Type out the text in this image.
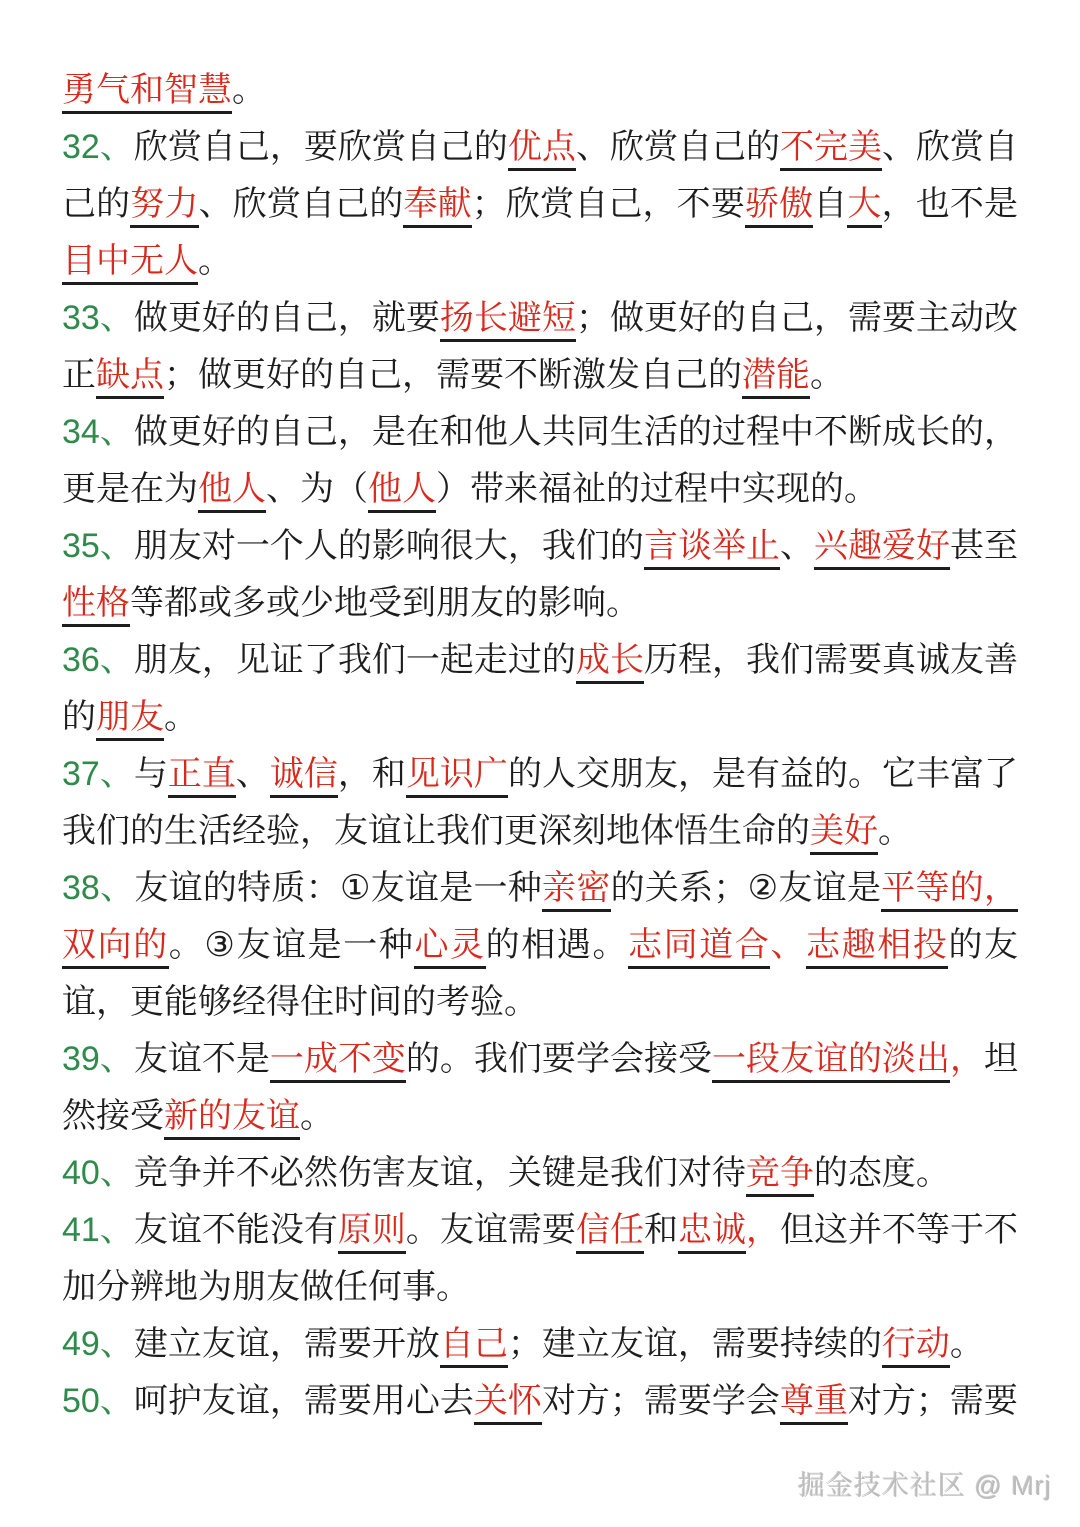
勇气和智慧。

32、欣赏自己，要欣赏自己的优点、欣赏自己的不完美、欣赏自己的努力、欣赏自己的奉献；欣赏自己，不要骄傲自大，也不是目中无人。

33、做更好的自己，就要扬长避短；做更好的自己，需要主动改正缺点；做更好的自己，需要不断激发自己的潜能。

34、做更好的自己，是在和他人共同生活的过程中不断成长的，更是在为他人、为（他人）带来福祉的过程中实现的。

35、朋友对一个人的影响很大，我们的言谈举止、兴趣爱好甚至性格等都或多或少地受到朋友的影响。

36、朋友，见证了我们一起走过的成长历程，我们需要真诚友善的朋友。

37、与正直、诚信，和见识广的人交朋友，是有益的。它丰富了我们的生活经验，友谊让我们更深刻地体悟生命的美好。

38、友谊的特质：①友谊是一种亲密的关系；②友谊是平等的，双向的。③友谊是一种心灵的相遇。志同道合、志趣相投的友谊，更能够经得住时间的考验。

39、友谊不是一成不变的。我们要学会接受一段友谊的淡出，坦然接受新的友谊。

40、竞争并不必然伤害友谊，关键是我们对待竞争的态度。

41、友谊不能没有原则。友谊需要信任和忠诚，但这并不等于不加分辨地为朋友做任何事。

49、建立友谊，需要开放自己；建立友谊，需要持续的行动。

50、呵护友谊，需要用心去关怀对方；需要学会尊重对方；需要

掘金技术社区 @ Mrj
